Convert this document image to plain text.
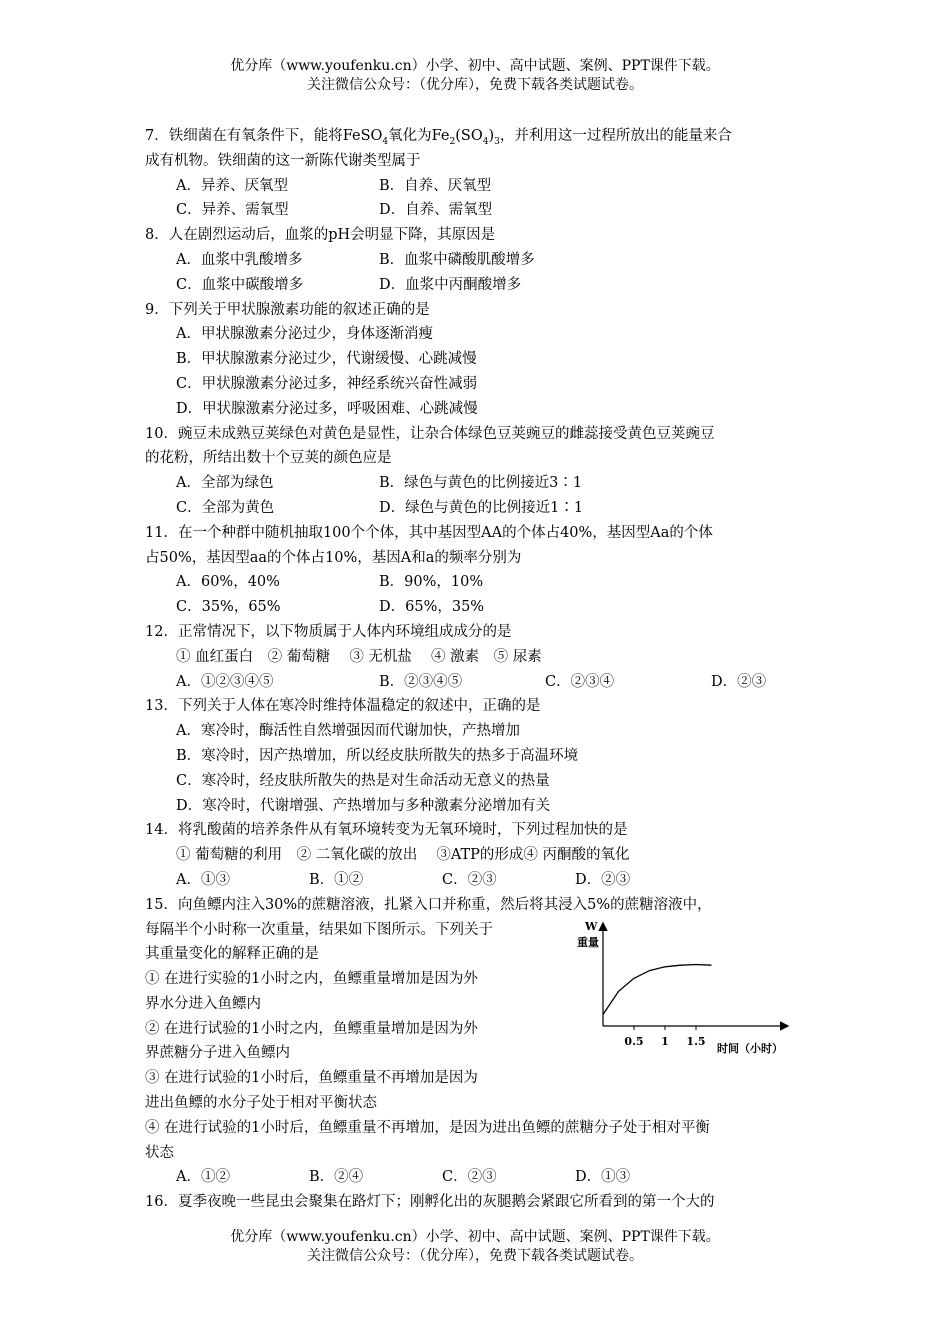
优分库（www.youfenku.cn）小学、初中、高中试题、案例、PPT课件下载。
关注微信公众号：（优分库），免费下载各类试题试卷。
7．铁细菌在有氧条件下，能将FeSO$_4$氧化为$Fe_2(SO_4)_3$，并利用这一过程所放出的能量来合
成有机物。铁细菌的这一新陈代谢类型属于
A．异养、厌氧型	B．自养、厌氧型
C．异养、需氧型	D．自养、需氧型
8．人在剧烈运动后，血浆的pH会明显下降，其原因是
A．血浆中乳酸增多	B．血浆中磷酸肌酸增多
C．血浆中碳酸增多	D．血浆中丙酮酸增多
9．下列关于甲状腺激素功能的叙述正确的是
A．甲状腺激素分泌过少，身体逐渐消瘦
B．甲状腺激素分泌过少，代谢缓慢、心跳减慢
C．甲状腺激素分泌过多，神经系统兴奋性减弱
D．甲状腺激素分泌过多，呼吸困难、心跳减慢
10．豌豆未成熟豆荚绿色对黄色是显性，让杂合体绿色豆荚豌豆的雌蕊接受黄色豆荚豌豆
的花粉，所结出数十个豆荚的颜色应是
A．全部为绿色	B．绿色与黄色的比例接近3∶1
C．全部为黄色	D．绿色与黄色的比例接近1∶1
11．在一个种群中随机抽取100个个体，其中基因型AA的个体占40%，基因型Aa的个体
占50%，基因型aa的个体占10%，基因A和a的频率分别为
A．60%，40%	B．90%，10%
C．35%，65%	D．65%，35%
12．正常情况下，以下物质属于人体内环境组成成分的是
① 血红蛋白　② 葡萄糖　 ③ 无机盐　 ④ 激素　⑤ 尿素
A．①②③④⑤	B．②③④⑤	C．②③④	D．②③
13．下列关于人体在寒冷时维持体温稳定的叙述中，正确的是
A．寒冷时，酶活性自然增强因而代谢加快，产热增加
B．寒冷时，因产热增加，所以经皮肤所散失的热多于高温环境
C．寒冷时，经皮肤所散失的热是对生命活动无意义的热量
D．寒冷时，代谢增强、产热增加与多种激素分泌增加有关
14．将乳酸菌的培养条件从有氧环境转变为无氧环境时，下列过程加快的是
① 葡萄糖的利用　② 二氧化碳的放出　 ③ATP的形成④ 丙酮酸的氧化
A．①③	B．①②	C．②③	D．②③
15．向鱼鳔内注入30%的蔗糖溶液，扎紧入口并称重，然后将其浸入5%的蔗糖溶液中，
每隔半个小时称一次重量，结果如下图所示。下列关于
其重量变化的解释正确的是
① 在进行实验的1小时之内，鱼鳔重量增加是因为外
界水分进入鱼鳔内
② 在进行试验的1小时之内，鱼鳔重量增加是因为外
界蔗糖分子进入鱼鳔内
③ 在进行试验的1小时后，鱼鳔重量不再增加是因为
进出鱼鳔的水分子处于相对平衡状态
W
重量
0.5 1 1.5
时间（小时）
④ 在进行试验的1小时后，鱼鳔重量不再增加，是因为进出鱼鳔的蔗糖分子处于相对平衡
状态
A．①②	B．②④	C．②③	D．①③
16．夏季夜晚一些昆虫会聚集在路灯下；刚孵化出的灰腿鹅会紧跟它所看到的第一个大的
优分库（www.youfenku.cn）小学、初中、高中试题、案例、PPT课件下载。
关注微信公众号：（优分库），免费下载各类试题试卷。
